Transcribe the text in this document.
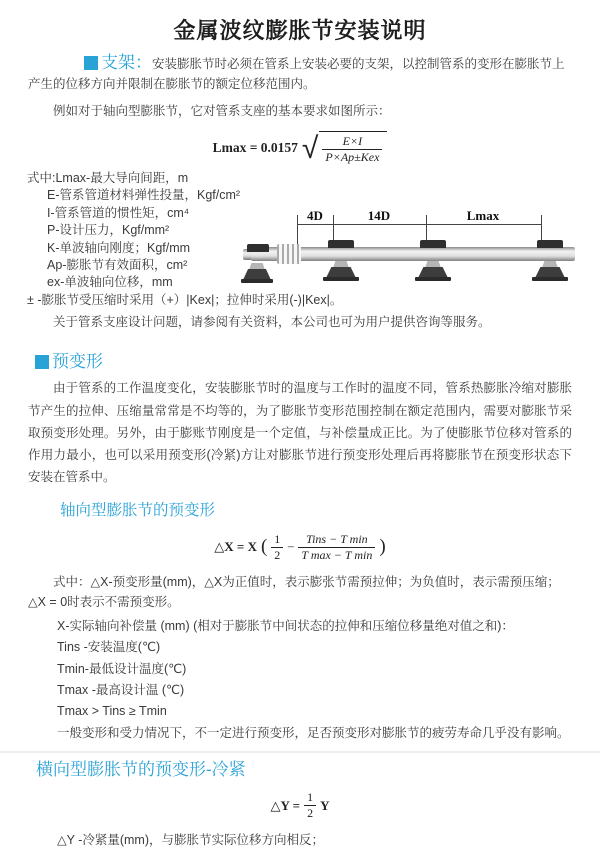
金属波纹膨胀节安装说明

支架：安装膨胀节时必须在管系上安装必要的支架，以控制管系的变形在膨胀节上产生的位移方向并限制在膨胀节的额定位移范围内。

例如对于轴向型膨胀节，它对管系支座的基本要求如图所示：

Lmax = 0.0157 √ $\frac{E\times I}{\text{P×Ap±Kex}}$
式中:Lmax-最大导向间距，m
E-管系管道材料弹性投量，Kgf/cm²
I-管系管道的惯性矩，cm⁴
P-设计压力，Kgf/mm²
K-单波轴向刚度；Kgf/mm
Ap-膨胀节有效面积，cm²
ex-单波轴向位移，mm
± -膨胀节受压缩时采用（+）|Kex|；拉伸时采用(-)|Kex|。

关于管系支座设计问题，请参阅有关资料，本公司也可为用户提供咨询等服务。

4D	14D	Lmax
预变形

由于管系的工作温度变化，安装膨胀节时的温度与工作时的温度不同，管系热膨胀冷缩对膨胀节产生的拉伸、压缩量常常是不均等的，为了膨胀节变形范围控制在额定范围内，需要对膨胀节采取预变形处理。另外，由于膨账节刚度是一个定值，与补偿量成正比。为了使膨胀节位移对管系的作用力最小，也可以采用预变形(冷紧)方让对膨胀节进行预变形处理后再将膨胀节在预变形状态下安装在管系中。

轴向型膨胀节的预变形
△X = X ( $\frac{1}{2} - \frac{\text{Tins − T min}}{\text{T max − T min}}$ )

式中：△X-预变形量(mm)，△X为正值时，表示膨张节需预拉伸；为负值时，表示需预压缩；△X = 0时表示不需预变形。

X-实际轴向补偿量 (mm) (相对于膨胀节中间状态的拉伸和压缩位移量绝对值之和)：
Tins -安装温度(℃)
Tmin-最低设计温度(℃)
Tmax -最高设计温 (℃)
Tmax > Tins ≥ Tmin
一般变形和受力情况下，不一定进行预变形，足否预变形对膨胀节的疲劳寿命几乎没有影响。
横向型膨胀节的预变形-冷紧
△Y = $\frac{1}{2}$ Y

△Y -冷紧量(mm)，与膨胀节实际位移方向相反；
